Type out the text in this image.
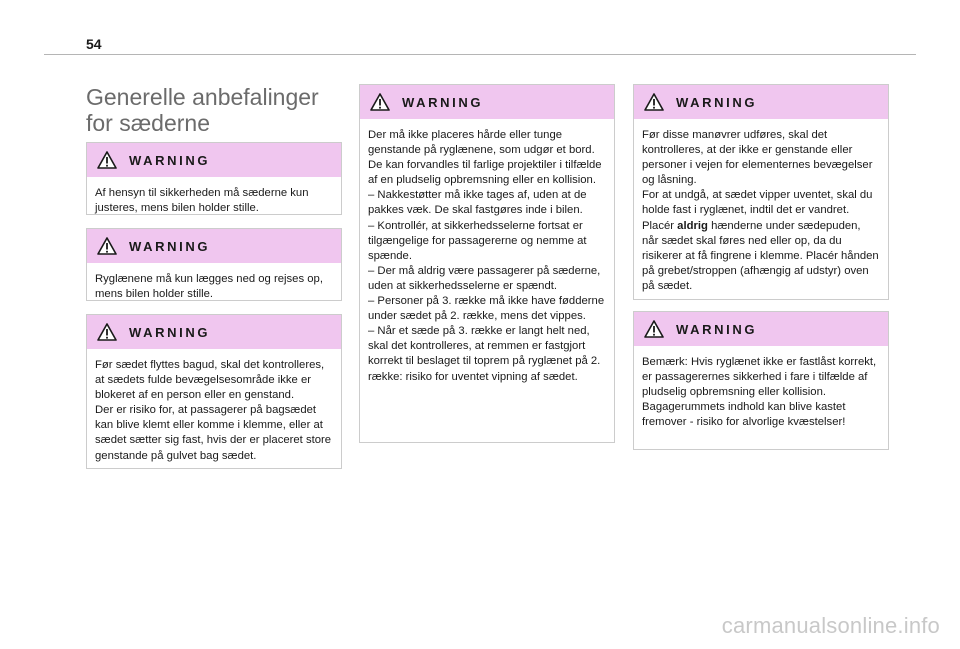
54
Generelle anbefalinger for sæderne
WARNING

Af hensyn til sikkerheden må sæderne kun justeres, mens bilen holder stille.

WARNING

Ryglænene må kun lægges ned og rejses op, mens bilen holder stille.

WARNING

Før sædet flyttes bagud, skal det kontrolleres, at sædets fulde bevægelsesområde ikke er blokeret af en person eller en genstand.

Der er risiko for, at passagerer på bagsædet kan blive klemt eller komme i klemme, eller at sædet sætter sig fast, hvis der er placeret store genstande på gulvet bag sædet.

WARNING

Der må ikke placeres hårde eller tunge genstande på ryglænene, som udgør et bord. De kan forvandles til farlige projektiler i tilfælde af en pludselig opbremsning eller en kollision.

– Nakkestøtter må ikke tages af, uden at de pakkes væk. De skal fastgøres inde i bilen.

– Kontrollér, at sikkerhedsselerne fortsat er tilgængelige for passagererne og nemme at spænde.

– Der må aldrig være passagerer på sæderne, uden at sikkerhedsselerne er spændt.

– Personer på 3. række må ikke have fødderne under sædet på 2. række, mens det vippes.

– Når et sæde på 3. række er langt helt ned, skal det kontrolleres, at remmen er fastgjort korrekt til beslaget til toprem på ryglænet på 2. række: risiko for uventet vipning af sædet.

WARNING

Før disse manøvrer udføres, skal det kontrolleres, at der ikke er genstande eller personer i vejen for elementernes bevægelser og låsning.

For at undgå, at sædet vipper uventet, skal du holde fast i ryglænet, indtil det er vandret.

Placér aldrig hænderne under sædepuden, når sædet skal føres ned eller op, da du risikerer at få fingrene i klemme. Placér hånden på grebet/stroppen (afhængig af udstyr) oven på sædet.

WARNING

Bemærk: Hvis ryglænet ikke er fastlåst korrekt, er passagerernes sikkerhed i fare i tilfælde af pludselig opbremsning eller kollision.

Bagagerummets indhold kan blive kastet fremover - risiko for alvorlige kvæstelser!

carmanualsonline.info
